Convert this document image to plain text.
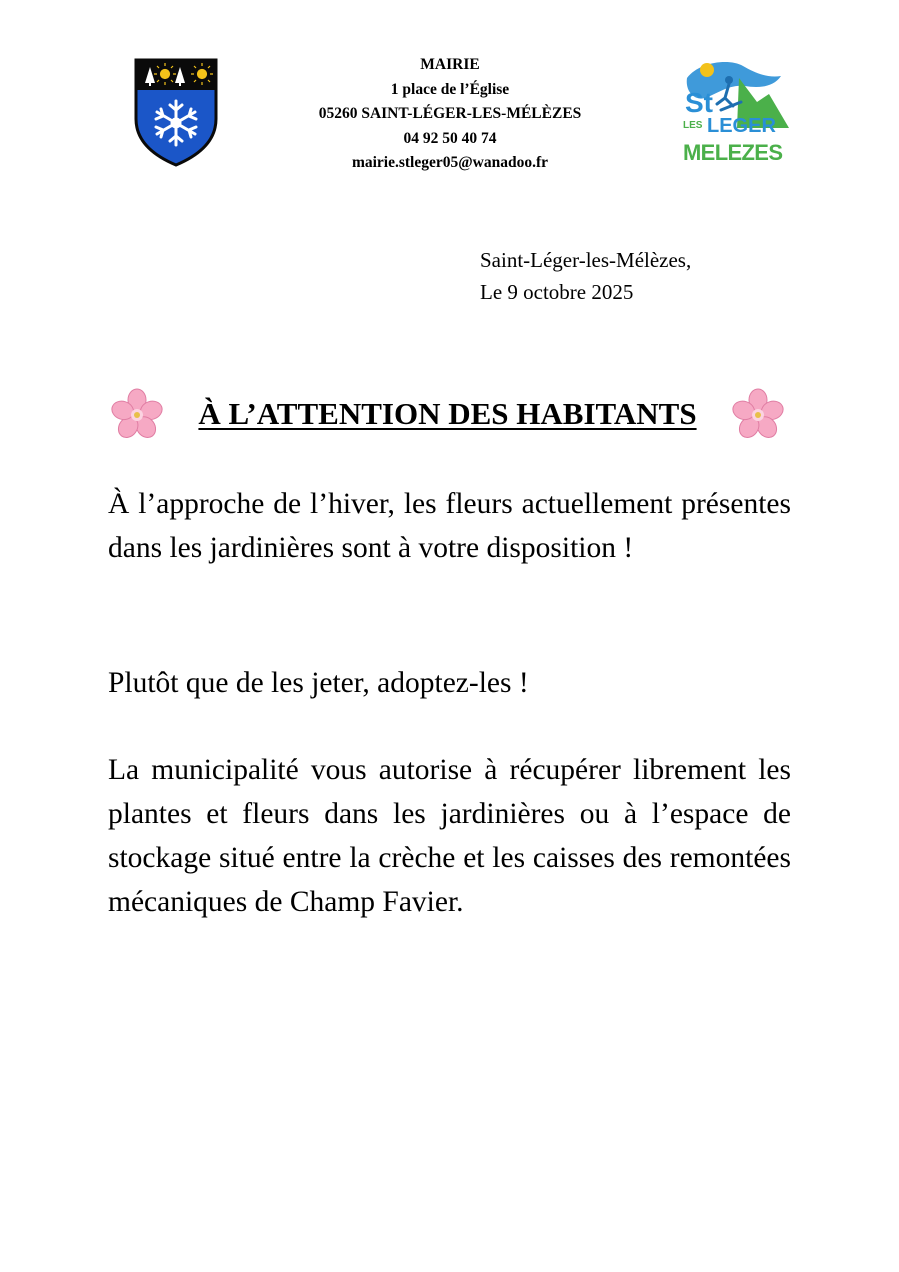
MAIRIE
1 place de l’Église
05260 SAINT-LÉGER-LES-MÉLÈZES
04 92 50 40 74
mairie.stleger05@wanadoo.fr
St
LES LEGER
MELEZES
Saint-Léger-les-Mélèzes,
Le 9 octobre 2025
À L’ATTENTION DES HABITANTS

À l’approche de l’hiver, les fleurs actuellement présentes dans les jardinières sont à votre disposition !

Plutôt que de les jeter, adoptez-les !

La municipalité vous autorise à récupérer librement les plantes et fleurs dans les jardinières ou à l’espace de stockage situé entre la crèche et les caisses des remontées mécaniques de Champ Favier.
